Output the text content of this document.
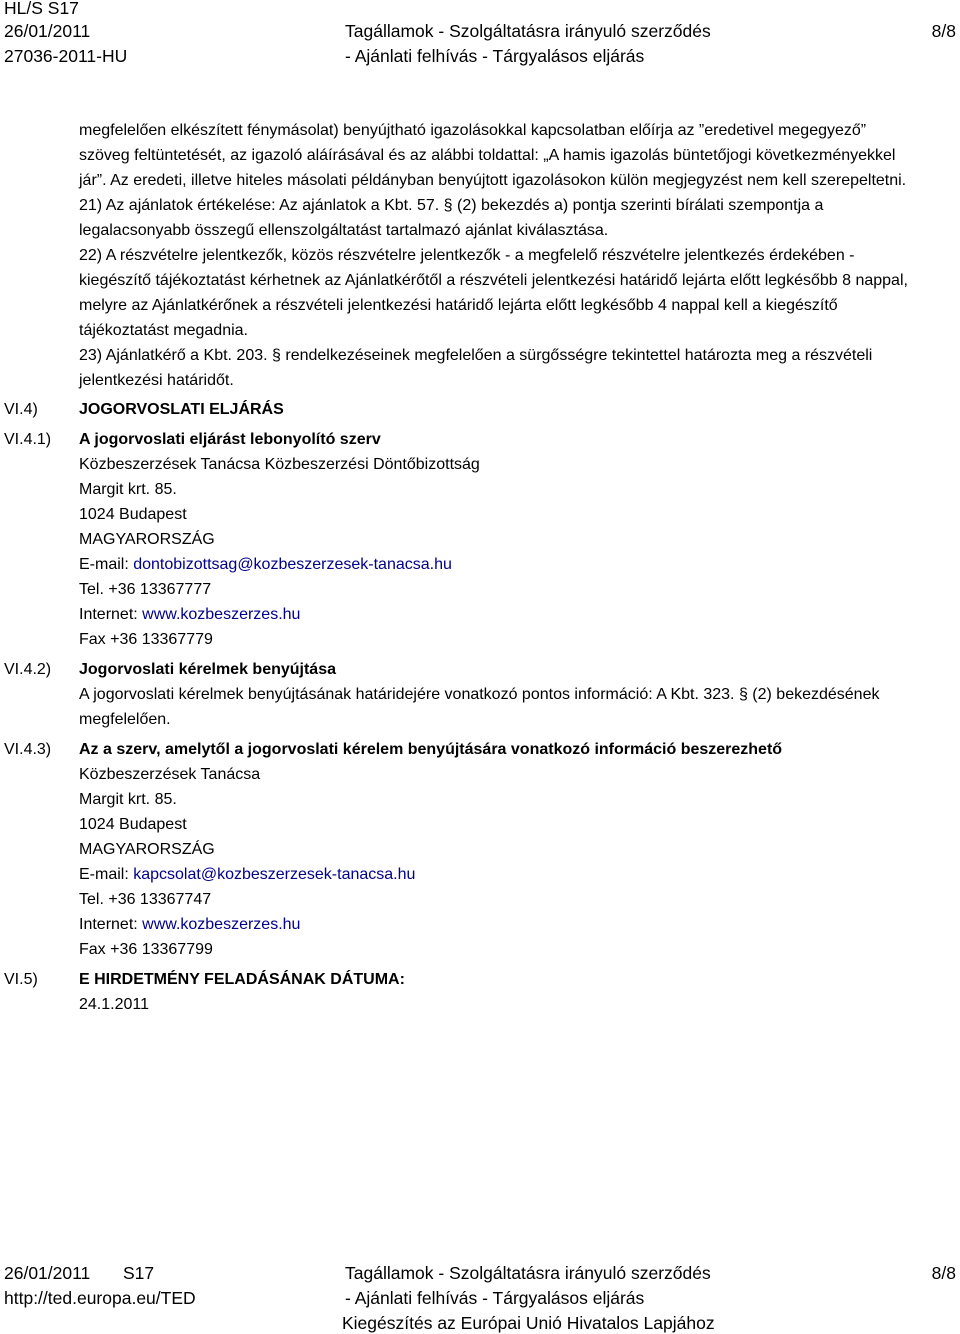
HL/S S17
26/01/2011
27036-2011-HU
Tagállamok - Szolgáltatásra irányuló szerződés
- Ajánlati felhívás - Tárgyalásos eljárás
8/8

megfelelően elkészített fénymásolat) benyújtható igazolásokkal kapcsolatban előírja az ”eredetivel megegyező” szöveg feltüntetését, az igazoló aláírásával és az alábbi toldattal: „A hamis igazolás büntetőjogi következményekkel jár”. Az eredeti, illetve hiteles másolati példányban benyújtott igazolásokon külön megjegyzést nem kell szerepeltetni.

21) Az ajánlatok értékelése: Az ajánlatok a Kbt. 57. § (2) bekezdés a) pontja szerinti bírálati szempontja a legalacsonyabb összegű ellenszolgáltatást tartalmazó ajánlat kiválasztása.

22) A részvételre jelentkezők, közös részvételre jelentkezők - a megfelelő részvételre jelentkezés érdekében - kiegészítő tájékoztatást kérhetnek az Ajánlatkérőtől a részvételi jelentkezési határidő lejárta előtt legkésőbb 8 nappal, melyre az Ajánlatkérőnek a részvételi jelentkezési határidő lejárta előtt legkésőbb 4 nappal kell a kiegészítő tájékoztatást megadnia.

23) Ajánlatkérő a Kbt. 203. § rendelkezéseinek megfelelően a sürgősségre tekintettel határozta meg a részvételi jelentkezési határidőt.

VI.4)	JOGORVOSLATI ELJÁRÁS

VI.4.1) A jogorvoslati eljárást lebonyolító szerv

Közbeszerzések Tanácsa Közbeszerzési Döntőbizottság

Margit krt. 85.

1024 Budapest

MAGYARORSZÁG

E-mail: dontobizottsag@kozbeszerzesek-tanacsa.hu

Tel. +36 13367777

Internet: www.kozbeszerzes.hu

Fax +36 13367779

VI.4.2) Jogorvoslati kérelmek benyújtása

A jogorvoslati kérelmek benyújtásának határidejére vonatkozó pontos információ: A Kbt. 323. § (2) bekezdésének megfelelően.

VI.4.3) Az a szerv, amelytől a jogorvoslati kérelem benyújtására vonatkozó információ beszerezhető

Közbeszerzések Tanácsa

Margit krt. 85.

1024 Budapest

MAGYARORSZÁG

E-mail: kapcsolat@kozbeszerzesek-tanacsa.hu

Tel. +36 13367747

Internet: www.kozbeszerzes.hu

Fax +36 13367799

VI.5)	E HIRDETMÉNY FELADÁSÁNAK DÁTUMA:

24.1.2011

26/01/2011 S17
http://ted.europa.eu/TED
Tagállamok - Szolgáltatásra irányuló szerződés
- Ajánlati felhívás - Tárgyalásos eljárás
Kiegészítés az Európai Unió Hivatalos Lapjához
8/8
